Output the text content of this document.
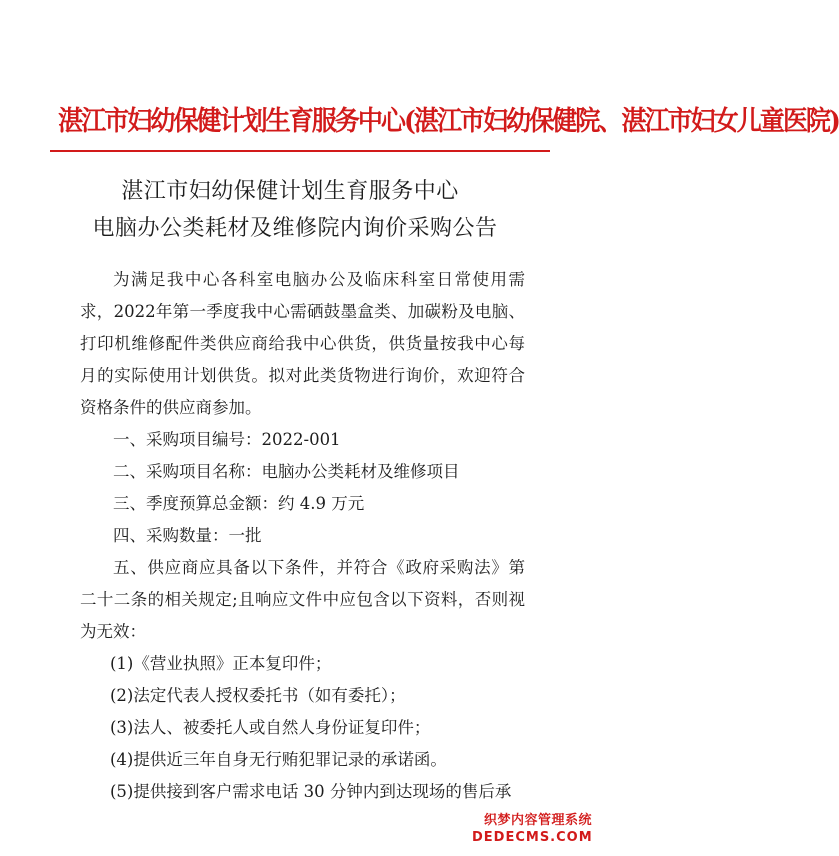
湛江市妇幼保健计划生育服务中心(湛江市妇幼保健院、湛江市妇女儿童医院)
湛江市妇幼保健计划生育服务中心
电脑办公类耗材及维修院内询价采购公告

为满足我中心各科室电脑办公及临床科室日常使用需求，2022年第一季度我中心需硒鼓墨盒类、加碳粉及电脑、打印机维修配件类供应商给我中心供货，供货量按我中心每月的实际使用计划供货。拟对此类货物进行询价，欢迎符合资格条件的供应商参加。

一、采购项目编号：2022-001

二、采购项目名称：电脑办公类耗材及维修项目

三、季度预算总金额：约 4.9 万元

四、采购数量：一批

五、供应商应具备以下条件，并符合《政府采购法》第二十二条的相关规定;且响应文件中应包含以下资料，否则视为无效：

(1)《营业执照》正本复印件；

(2)法定代表人授权委托书（如有委托）；

(3)法人、被委托人或自然人身份证复印件；

(4)提供近三年自身无行贿犯罪记录的承诺函。

(5)提供接到客户需求电话 30 分钟内到达现场的售后承

织梦内容管理系统
DEDECMS.COM
